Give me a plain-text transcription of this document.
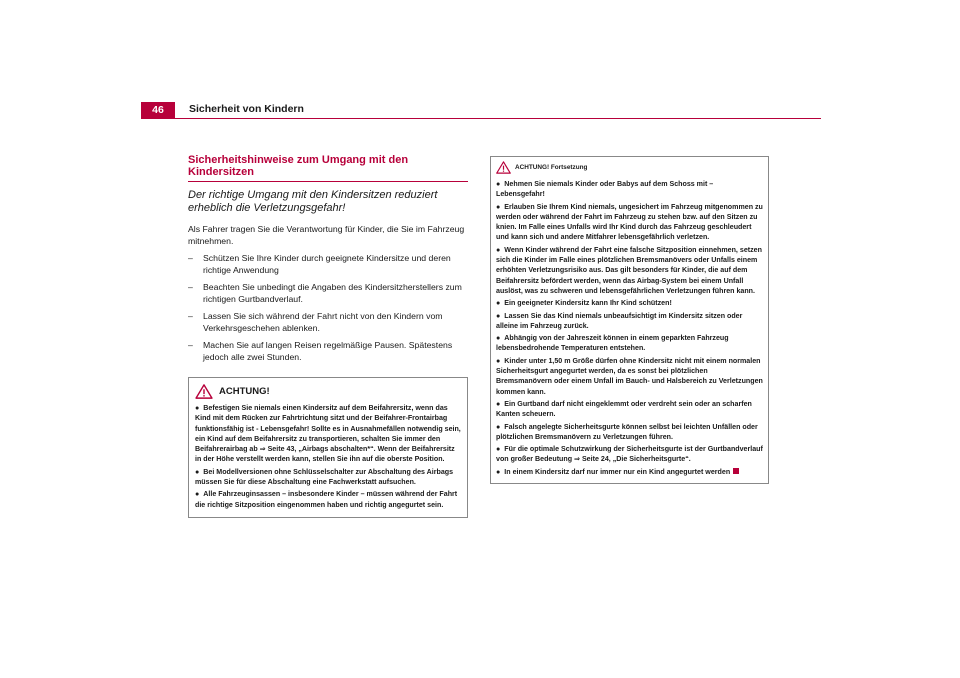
46 Sicherheit von Kindern
Sicherheitshinweise zum Umgang mit den Kindersitzen

Der richtige Umgang mit den Kindersitzen reduziert erheblich die Verletzungsgefahr!

Als Fahrer tragen Sie die Verantwortung für Kinder, die Sie im Fahrzeug mitnehmen.

– Schützen Sie Ihre Kinder durch geeignete Kindersitze und deren richtige Anwendung
– Beachten Sie unbedingt die Angaben des Kindersitzherstellers zum richtigen Gurtbandverlauf.
– Lassen Sie sich während der Fahrt nicht von den Kindern vom Verkehrsgeschehen ablenken.
– Machen Sie auf langen Reisen regelmäßige Pausen. Spätestens jedoch alle zwei Stunden.
ACHTUNG!
● Befestigen Sie niemals einen Kindersitz auf dem Beifahrersitz, wenn das Kind mit dem Rücken zur Fahrtrichtung sitzt und der Beifahrer-Frontairbag funktionsfähig ist - Lebensgefahr! Sollte es in Ausnahmefällen notwendig sein, ein Kind auf dem Beifahrersitz zu transportieren, schalten Sie immer den Beifahrerairbag ab ⇒ Seite 43, „Airbags abschalten*“. Wenn der Beifahrersitz in der Höhe verstellt werden kann, stellen Sie ihn auf die oberste Position.
● Bei Modellversionen ohne Schlüsselschalter zur Abschaltung des Airbags müssen Sie für diese Abschaltung eine Fachwerkstatt aufsuchen.
● Alle Fahrzeuginsassen – insbesondere Kinder – müssen während der Fahrt die richtige Sitzposition eingenommen haben und richtig angegurtet sein.
ACHTUNG! Fortsetzung
● Nehmen Sie niemals Kinder oder Babys auf dem Schoss mit – Lebensgefahr!
● Erlauben Sie Ihrem Kind niemals, ungesichert im Fahrzeug mitgenommen zu werden oder während der Fahrt im Fahrzeug zu stehen bzw. auf den Sitzen zu knien. Im Falle eines Unfalls wird Ihr Kind durch das Fahrzeug geschleudert und kann sich und andere Mitfahrer lebensgefährlich verletzen.
● Wenn Kinder während der Fahrt eine falsche Sitzposition einnehmen, setzen sich die Kinder im Falle eines plötzlichen Bremsmanövers oder Unfalls einem erhöhten Verletzungsrisiko aus. Das gilt besonders für Kinder, die auf dem Beifahrersitz befördert werden, wenn das Airbag-System bei einem Unfall auslöst, was zu schweren und lebensgefährlichen Verletzungen führen kann.
● Ein geeigneter Kindersitz kann Ihr Kind schützen!
● Lassen Sie das Kind niemals unbeaufsichtigt im Kindersitz sitzen oder alleine im Fahrzeug zurück.
● Abhängig von der Jahreszeit können in einem geparkten Fahrzeug lebensbedrohende Temperaturen entstehen.
● Kinder unter 1,50 m Größe dürfen ohne Kindersitz nicht mit einem normalen Sicherheitsgurt angegurtet werden, da es sonst bei plötzlichen Bremsmanövern oder einem Unfall im Bauch- und Halsbereich zu Verletzungen kommen kann.
● Ein Gurtband darf nicht eingeklemmt oder verdreht sein oder an scharfen Kanten scheuern.
● Falsch angelegte Sicherheitsgurte können selbst bei leichten Unfällen oder plötzlichen Bremsmanövern zu Verletzungen führen.
● Für die optimale Schutzwirkung der Sicherheitsgurte ist der Gurtbandverlauf von großer Bedeutung ⇒ Seite 24, „Die Sicherheitsgurte“.
● In einem Kindersitz darf nur immer nur ein Kind angegurtet werden
